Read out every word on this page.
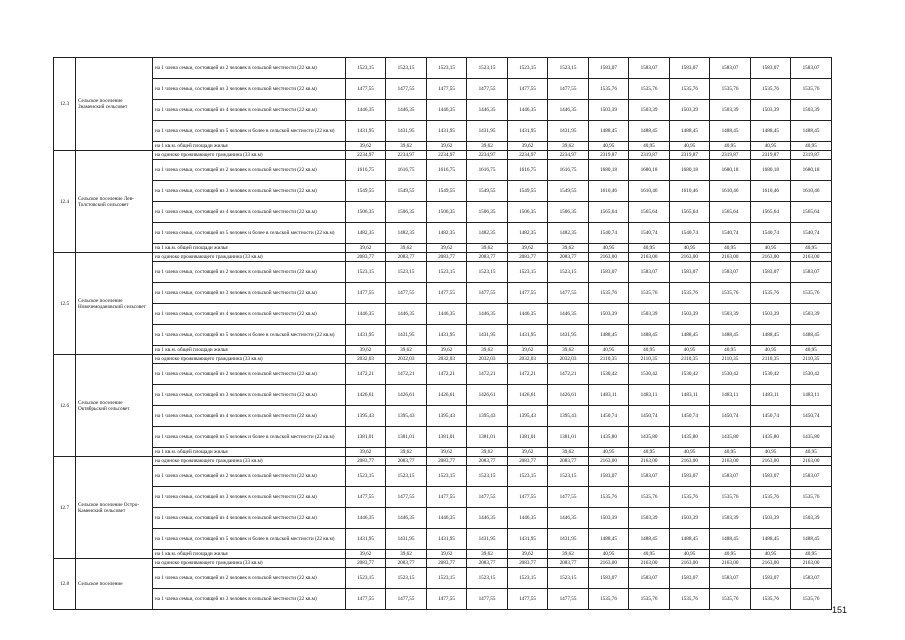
12.3	Сельское поселение Знаменский сельсовет	на 1 члена семьи, состоящей из 2 человек в сельской местности (22 кв.м)	1523,15	1523,15	1523,15	1523,15	1523,15	1523,15	1583,07	1583,07	1583,07	1583,07	1583,07	1583,07
		на 1 члена семьи, состоящей из 3 человек в сельской местности (22 кв.м)	1477,55	1477,55	1477,55	1477,55	1477,55	1477,55	1535,76	1535,76	1535,76	1535,76	1535,76	1535,76
		на 1 члена семьи, состоящей из 4 человек в сельской местности (22 кв.м)	1446,35	1446,35	1446,35	1446,35	1446,35	1446,35	1503,39	1503,39	1503,39	1503,39	1503,39	1503,39
		на 1 члена семьи, состоящей из 5 человек и более в сельской местности (22 кв.м)	1431,95	1431,95	1431,95	1431,95	1431,95	1431,95	1488,45	1488,45	1488,45	1488,45	1488,45	1488,45
		на 1 кв.м. общей площади жилья	39,62	39,62	39,62	39,62	39,62	39,62	40,95	40,95	40,95	40,95	40,95	40,95
12.4	Сельское поселение Лев-Толстовский сельсовет	на одиноко проживающего гражданина (33 кв.м)	2234,97	2234,97	2234,97	2234,97	2234,97	2234,97	2319,87	2319,87	2319,87	2319,87	2319,87	2319,87
		на 1 члена семьи, состоящей из 2 человек в сельской местности (22 кв.м)	1616,75	1616,75	1616,75	1616,75	1616,75	1616,75	1680,18	1680,18	1680,18	1680,18	1680,18	1680,18
		на 1 члена семьи, состоящей из 3 человек в сельской местности (22 кв.м)	1549,55	1549,55	1549,55	1549,55	1549,55	1549,55	1610,46	1610,46	1610,46	1610,46	1610,46	1610,46
		на 1 члена семьи, состоящей из 4 человек в сельской местности (22 кв.м)	1506,35	1506,35	1506,35	1506,35	1506,35	1506,35	1565,64	1565,64	1565,64	1565,64	1565,64	1565,64
		на 1 члена семьи, состоящей из 5 человек и более в сельской местности (22 кв.м)	1482,35	1482,35	1482,35	1482,35	1482,35	1482,35	1540,74	1540,74	1540,74	1540,74	1540,74	1540,74
		на 1 кв.м. общей площади жилья	39,62	39,62	39,62	39,62	39,62	39,62	40,95	40,95	40,95	40,95	40,95	40,95
12.5	Сельское поселение Новочемодановский сельсовет	на одиноко проживающего гражданина (33 кв.м)	2083,77	2083,77	2083,77	2083,77	2083,77	2083,77	2163,00	2163,00	2163,00	2163,00	2163,00	2163,00
		на 1 члена семьи, состоящей из 2 человек в сельской местности (22 кв.м)	1523,15	1523,15	1523,15	1523,15	1523,15	1523,15	1583,07	1583,07	1583,07	1583,07	1583,07	1583,07
		на 1 члена семьи, состоящей из 3 человек в сельской местности (22 кв.м)	1477,55	1477,55	1477,55	1477,55	1477,55	1477,55	1535,76	1535,76	1535,76	1535,76	1535,76	1535,76
		на 1 члена семьи, состоящей из 4 человек в сельской местности (22 кв.м)	1446,35	1446,35	1446,35	1446,35	1446,35	1446,35	1503,39	1503,39	1503,39	1503,39	1503,39	1503,39
		на 1 члена семьи, состоящей из 5 человек и более в сельской местности (22 кв.м)	1431,95	1431,95	1431,95	1431,95	1431,95	1431,95	1488,45	1488,45	1488,45	1488,45	1488,45	1488,45
		на 1 кв.м. общей площади жилья	39,62	39,62	39,62	39,62	39,62	39,62	40,95	40,95	40,95	40,95	40,95	40,95
12.6	Сельское поселение Октябрьский сельсовет	на одиноко проживающего гражданина (33 кв.м)	2032,03	2032,03	2032,03	2032,03	2032,03	2032,03	2110,35	2110,35	2110,35	2110,35	2110,35	2110,35
		на 1 члена семьи, состоящей из 2 человек в сельской местности (22 кв.м)	1472,21	1472,21	1472,21	1472,21	1472,21	1472,21	1530,42	1530,42	1530,42	1530,42	1530,42	1530,42
		на 1 члена семьи, состоящей из 3 человек в сельской местности (22 кв.м)	1426,61	1426,61	1426,61	1426,61	1426,61	1426,61	1483,11	1483,11	1483,11	1483,11	1483,11	1483,11
		на 1 члена семьи, состоящей из 4 человек в сельской местности (22 кв.м)	1395,43	1395,43	1395,43	1395,43	1395,43	1395,43	1450,74	1450,74	1450,74	1450,74	1450,74	1450,74
		на 1 члена семьи, состоящей из 5 человек и более в сельской местности (22 кв.м)	1381,01	1381,01	1381,01	1381,01	1381,01	1381,01	1435,80	1435,80	1435,80	1435,80	1435,80	1435,80
		на 1 кв.м. общей площади жилья	39,62	39,62	39,62	39,62	39,62	39,62	40,95	40,95	40,95	40,95	40,95	40,95
12.7	Сельское поселение Остро-Каменский сельсовет	на одиноко проживающего гражданина (33 кв.м)	2083,77	2083,77	2083,77	2083,77	2083,77	2083,77	2163,00	2163,00	2163,00	2163,00	2163,00	2163,00
		на 1 члена семьи, состоящей из 2 человек в сельской местности (22 кв.м)	1523,15	1523,15	1523,15	1523,15	1523,15	1523,15	1583,07	1583,07	1583,07	1583,07	1583,07	1583,07
		на 1 члена семьи, состоящей из 3 человек в сельской местности (22 кв.м)	1477,55	1477,55	1477,55	1477,55	1477,55	1477,55	1535,76	1535,76	1535,76	1535,76	1535,76	1535,76
		на 1 члена семьи, состоящей из 4 человек в сельской местности (22 кв.м)	1446,35	1446,35	1446,35	1446,35	1446,35	1446,35	1503,39	1503,39	1503,39	1503,39	1503,39	1503,39
		на 1 члена семьи, состоящей из 5 человек и более в сельской местности (22 кв.м)	1431,95	1431,95	1431,95	1431,95	1431,95	1431,95	1488,45	1488,45	1488,45	1488,45	1488,45	1488,45
		на 1 кв.м. общей площади жилья	39,62	39,62	39,62	39,62	39,62	39,62	40,95	40,95	40,95	40,95	40,95	40,95
12.8	Сельское поселение	на одиноко проживающего гражданина (33 кв.м)	2083,77	2083,77	2083,77	2083,77	2083,77	2083,77	2163,00	2163,00	2163,00	2163,00	2163,00	2163,00
		на 1 члена семьи, состоящей из 2 человек в сельской местности (22 кв.м)	1523,15	1523,15	1523,15	1523,15	1523,15	1523,15	1583,07	1583,07	1583,07	1583,07	1583,07	1583,07
		на 1 члена семьи, состоящей из 3 человек в сельской местности (22 кв.м)	1477,55	1477,55	1477,55	1477,55	1477,55	1477,55	1535,76	1535,76	1535,76	1535,76	1535,76	1535,76
151
